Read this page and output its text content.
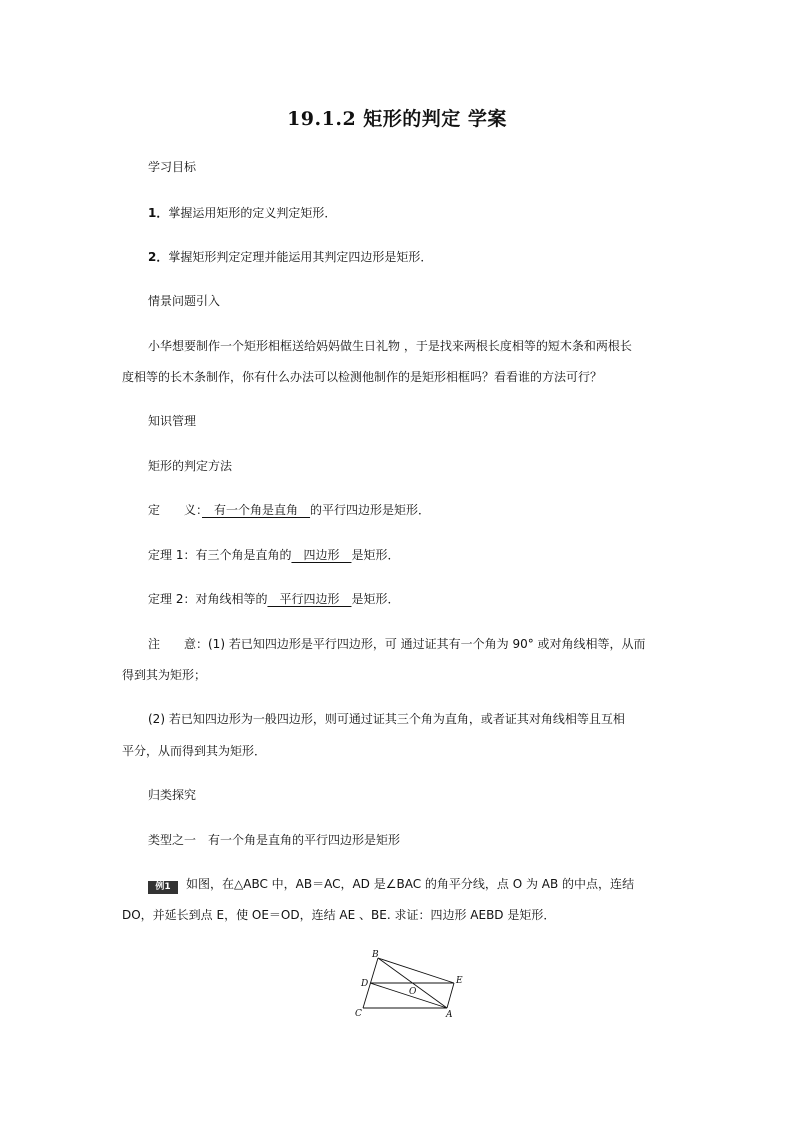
19.1.2 矩形的判定 学案
学习目标
1．掌握运用矩形的定义判定矩形．
2．掌握矩形判定定理并能运用其判定四边形是矩形．
情景问题引入
小华想要制作一个矩形相框送给妈妈做生日礼物 ，于是找来两根长度相等的短木条和两根长
度相等的长木条制作，你有什么办法可以检测他制作的是矩形相框吗？看看谁的方法可行？
知识管理
矩形的判定方法
定　　义：　有一个角是直角　的平行四边形是矩形．
定理 1：有三个角是直角的　四边形　是矩形．
定理 2：对角线相等的　平行四边形　是矩形．
注　　意：(1) 若已知四边形是平行四边形，可 通过证其有一个角为 90° 或对角线相等，从而
得到其为矩形；
(2) 若已知四边形为一般四边形，则可通过证其三个角为直角，或者证其对角线相等且互相
平分，从而得到其为矩形．
归类探究
类型之一　有一个角是直角的平行四边形是矩形
例1 如图，在△ABC 中，AB＝AC，AD 是∠BAC 的角平分线，点 O 为 AB 的中点，连结
DO，并延长到点 E，使 OE＝OD，连结 AE 、BE. 求证：四边形 AEBD 是矩形．
B
D
O
E
C	A
